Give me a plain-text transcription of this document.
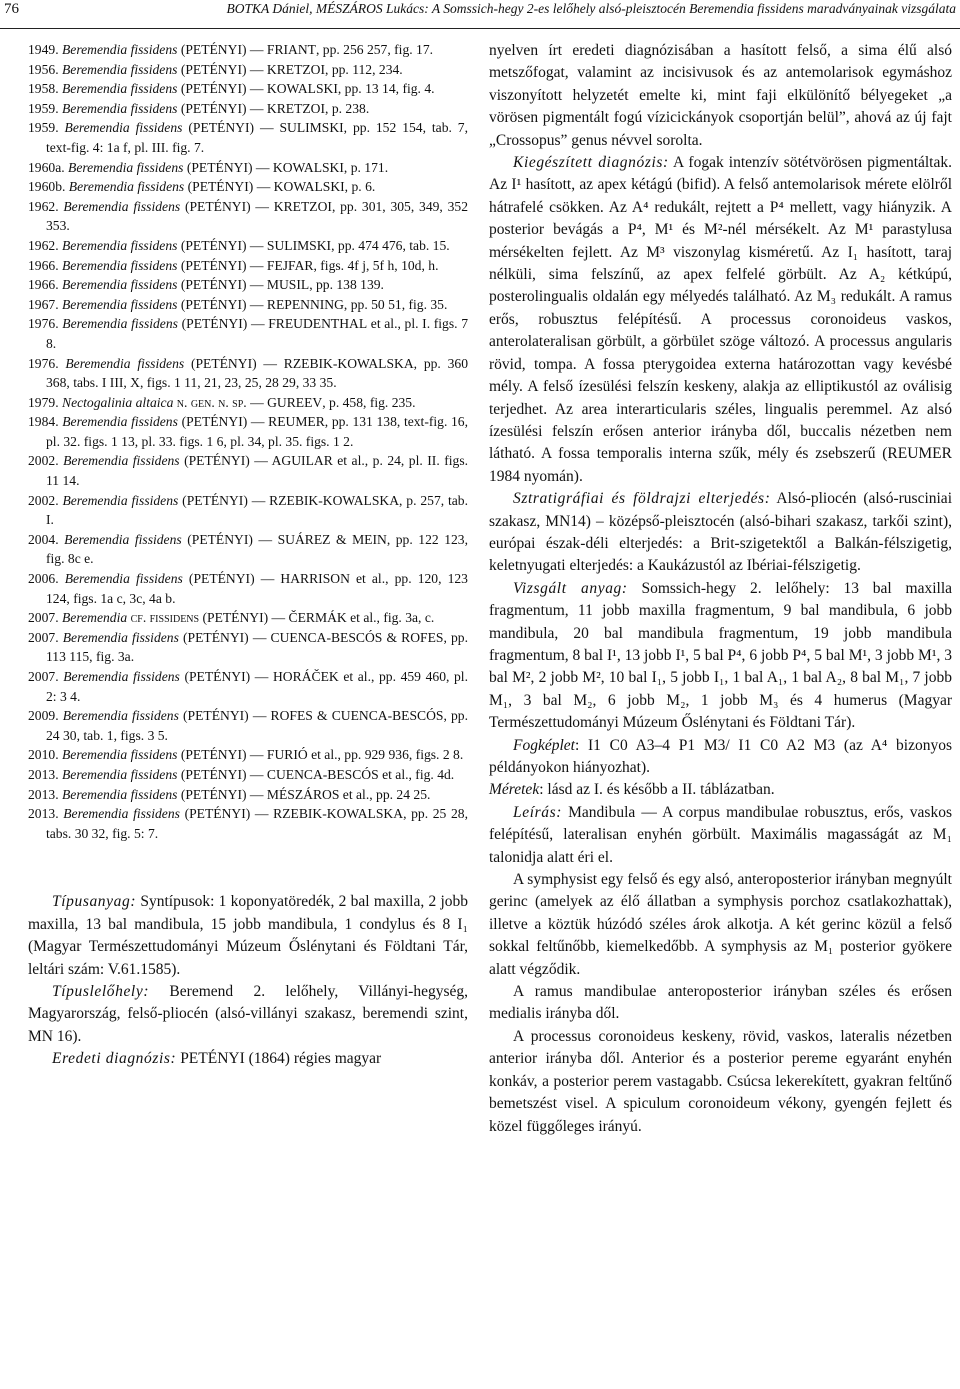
76	BOTKA Dániel, MÉSZÁROS Lukács: A Somssich-hegy 2-es lelőhely alsó-pleisztocén Beremendia fissidens maradványainak vizsgálata
1949. Beremendia fissidens (PETÉNYI) — FRIANT, pp. 256 257, fig. 17.
1956. Beremendia fissidens (PETÉNYI) — KRETZOI, pp. 112, 234.
1958. Beremendia fissidens (PETÉNYI) — KOWALSKI, pp. 13 14, fig. 4.
1959. Beremendia fissidens (PETÉNYI) — KRETZOI, p. 238.
1959. Beremendia fissidens (PETÉNYI) — SULIMSKI, pp. 152 154, tab. 7, text-fig. 4: 1a f, pl. III. fig. 7.
1960a. Beremendia fissidens (PETÉNYI) — KOWALSKI, p. 171.
1960b. Beremendia fissidens (PETÉNYI) — KOWALSKI, p. 6.
1962. Beremendia fissidens (PETÉNYI) — KRETZOI, pp. 301, 305, 349, 352 353.
1962. Beremendia fissidens (PETÉNYI) — SULIMSKI, pp. 474 476, tab. 15.
1966. Beremendia fissidens (PETÉNYI) — FEJFAR, figs. 4f j, 5f h, 10d, h.
1966. Beremendia fissidens (PETÉNYI) — MUSIL, pp. 138 139.
1967. Beremendia fissidens (PETÉNYI) — REPENNING, pp. 50 51, fig. 35.
1976. Beremendia fissidens (PETÉNYI) — FREUDENTHAL et al., pl. I. figs. 7 8.
1976. Beremendia fissidens (PETÉNYI) — RZEBIK-KOWALSKA, pp. 360 368, tabs. I III, X, figs. 1 11, 21, 23, 25, 28 29, 33 35.
1979. Nectogalinia altaica n. gen. n. sp. — GUREEV, p. 458, fig. 235.
1984. Beremendia fissidens (PETÉNYI) — REUMER, pp. 131 138, text-fig. 16, pl. 32. figs. 1 13, pl. 33. figs. 1 6, pl. 34, pl. 35. figs. 1 2.
2002. Beremendia fissidens (PETÉNYI) — AGUILAR et al., p. 24, pl. II. figs. 11 14.
2002. Beremendia fissidens (PETÉNYI) — RZEBIK-KOWALSKA, p. 257, tab. I.
2004. Beremendia fissidens (PETÉNYI) — SUÁREZ & MEIN, pp. 122 123, fig. 8c e.
2006. Beremendia fissidens (PETÉNYI) — HARRISON et al., pp. 120, 123 124, figs. 1a c, 3c, 4a b.
2007. Beremendia cf. fissidens (PETÉNYI) — ČERMÁK et al., fig. 3a, c.
2007. Beremendia fissidens (PETÉNYI) — CUENCA-BESCÓS & ROFES, pp. 113 115, fig. 3a.
2007. Beremendia fissidens (PETÉNYI) — HORÁČEK et al., pp. 459 460, pl. 2: 3 4.
2009. Beremendia fissidens (PETÉNYI) — ROFES & CUENCA-BESCÓS, pp. 24 30, tab. 1, figs. 3 5.
2010. Beremendia fissidens (PETÉNYI) — FURIÓ et al., pp. 929 936, figs. 2 8.
2013. Beremendia fissidens (PETÉNYI) — CUENCA-BESCÓS et al., fig. 4d.
2013. Beremendia fissidens (PETÉNYI) — MÉSZÁROS et al., pp. 24 25.
2013. Beremendia fissidens (PETÉNYI) — RZEBIK-KOWALSKA, pp. 25 28, tabs. 30 32, fig. 5: 7.

Típusanyag: Syntípusok: 1 koponyatöredék, 2 bal maxilla, 2 jobb maxilla, 13 bal mandibula, 15 jobb mandibula, 1 condylus és 8 I₁ (Magyar Természettudományi Múzeum Őslénytani és Földtani Tár, leltári szám: V.61.1585).

Típuslelőhely: Beremend 2. lelőhely, Villányi-hegység, Magyarország, felső-pliocén (alsó-villányi szakasz, beremendi szint, MN 16).

Eredeti diagnózis: PETÉNYI (1864) régies magyar

nyelven írt eredeti diagnózisában a hasított felső, a sima élű alsó metszőfogat, valamint az incisivusok és az antemolarisok egymáshoz viszonyított helyzetét emelte ki, mint faji elkülönítő bélyegeket „a vörösen pigmentált fogú vízicickányok csoportján belül”, ahová az új fajt „Crossopus” genus névvel sorolta.

Kiegészített diagnózis: A fogak intenzív sötétvörösen pigmentáltak. Az I¹ hasított, az apex kétágú (bifid). A felső antemolarisok mérete elölről hátrafelé csökken. Az A⁴ redukált, rejtett a P⁴ mellett, vagy hiányzik. A posterior bevágás a P⁴, M¹ és M²-nél mérsékelt. Az M¹ parastylusa mérsékelten fejlett. Az M³ viszonylag kisméretű. Az I₁ hasított, taraj nélküli, sima felszínű, az apex felfelé görbült. Az A₂ kétkúpú, posterolingualis oldalán egy mélyedés található. Az M₃ redukált. A ramus erős, robusztus felépítésű. A processus coronoideus vaskos, anterolateralisan görbült, a görbület szöge változó. A processus angularis rövid, tompa. A fossa pterygoidea externa határozottan vagy kevésbé mély. A felső ízesülési felszín keskeny, alakja az elliptikustól az oválisig terjedhet. Az area interarticularis széles, lingualis peremmel. Az alsó ízesülési felszín erősen anterior irányba dől, buccalis nézetben nem látható. A fossa temporalis interna szűk, mély és zsebszerű (REUMER 1984 nyomán).

Sztratigráfiai és földrajzi elterjedés: Alsó-pliocén (alsó-rusciniai szakasz, MN14) – középső-pleisztocén (alsó-bihari szakasz, tarkői szint), európai észak-déli elterjedés: a Brit-szigetektől a Balkán-félszigetig, keletnyugati elterjedés: a Kaukázustól az Ibériai-félszigetig.

Vizsgált anyag: Somssich-hegy 2. lelőhely: 13 bal maxilla fragmentum, 11 jobb maxilla fragmentum, 9 bal mandibula, 6 jobb mandibula, 20 bal mandibula fragmentum, 19 jobb mandibula fragmentum, 8 bal I¹, 13 jobb I¹, 5 bal P⁴, 6 jobb P⁴, 5 bal M¹, 3 jobb M¹, 3 bal M², 2 jobb M², 10 bal I₁, 5 jobb I₁, 1 bal A₁, 1 bal A₂, 8 bal M₁, 7 jobb M₁, 3 bal M₂, 6 jobb M₂, 1 jobb M₃ és 4 humerus (Magyar Természettudományi Múzeum Őslénytani és Földtani Tár).

Fogképlet: I1 C0 A3–4 P1 M3/ I1 C0 A2 M3 (az A⁴ bizonyos példányokon hiányozhat).

Méretek: lásd az I. és később a II. táblázatban.

Leírás: Mandibula — A corpus mandibulae robusztus, erős, vaskos felépítésű, lateralisan enyhén görbült. Maximális magasságát az M₁ talonidja alatt éri el.

A symphysist egy felső és egy alsó, anteroposterior irányban megnyúlt gerinc (amelyek az élő állatban a symphysis porchoz csatlakozhattak), illetve a köztük húzódó széles árok alkotja. A két gerinc közül a felső sokkal feltűnőbb, kiemelkedőbb. A symphysis az M₁ posterior gyökere alatt végződik.

A ramus mandibulae anteroposterior irányban széles és erősen medialis irányba dől.

A processus coronoideus keskeny, rövid, vaskos, lateralis nézetben anterior irányba dől. Anterior és a posterior pereme egyaránt enyhén konkáv, a posterior perem vastagabb. Csúcsa lekerekített, gyakran feltűnő bemetszést visel. A spiculum coronoideum vékony, gyengén fejlett és közel függőleges irányú.
